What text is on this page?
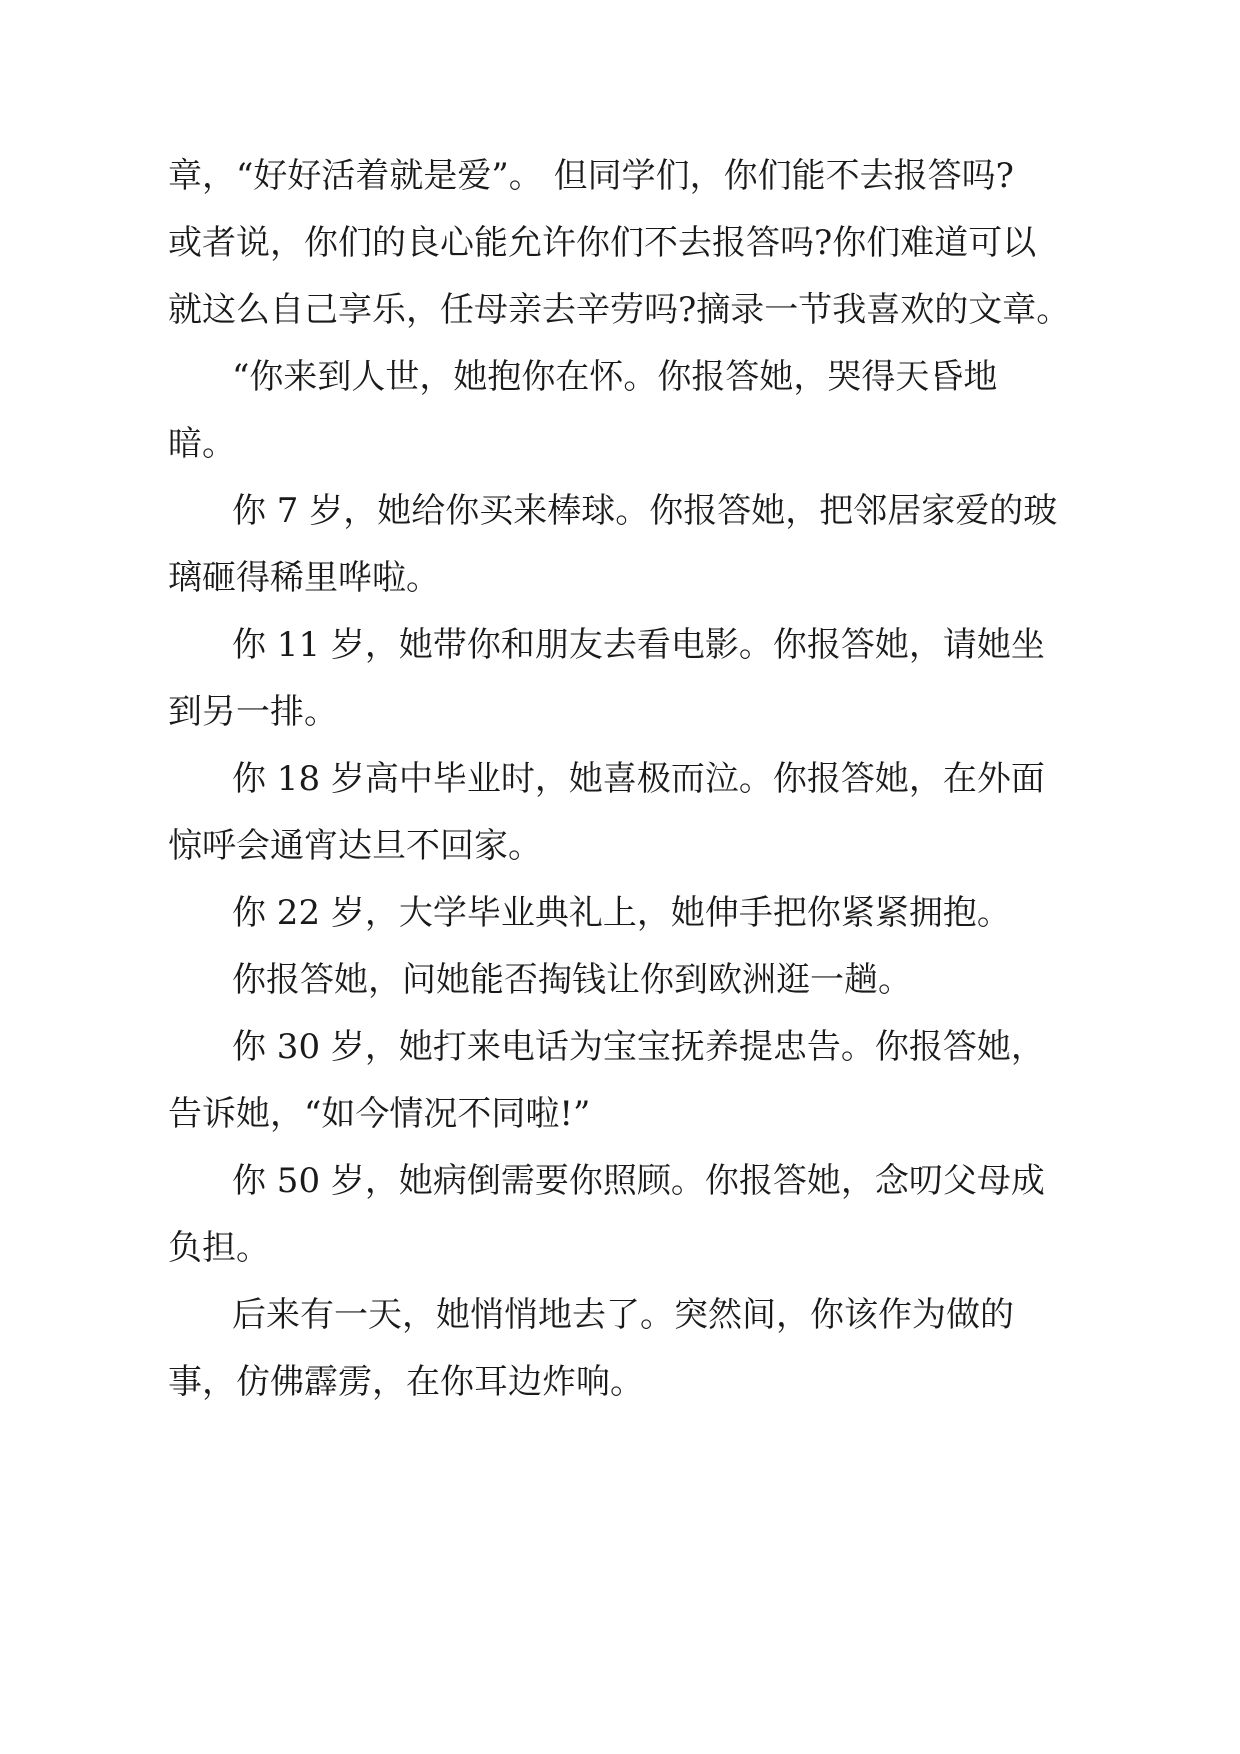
章，“好好活着就是爱”。 但同学们，你们能不去报答吗?
或者说，你们的良心能允许你们不去报答吗?你们难道可以
就这么自己享乐，任母亲去辛劳吗?摘录一节我喜欢的文章。
“你来到人世，她抱你在怀。你报答她，哭得天昏地
暗。
你 7 岁，她给你买来棒球。你报答她，把邻居家爱的玻
璃砸得稀里哗啦。
你 11 岁，她带你和朋友去看电影。你报答她，请她坐
到另一排。
你 18 岁高中毕业时，她喜极而泣。你报答她，在外面
惊呼会通宵达旦不回家。
你 22 岁，大学毕业典礼上，她伸手把你紧紧拥抱。
你报答她，问她能否掏钱让你到欧洲逛一趟。
你 30 岁，她打来电话为宝宝抚养提忠告。你报答她，
告诉她，“如今情况不同啦!”
你 50 岁，她病倒需要你照顾。你报答她，念叨父母成
负担。
后来有一天，她悄悄地去了。突然间，你该作为做的
事，仿佛霹雳，在你耳边炸响。
